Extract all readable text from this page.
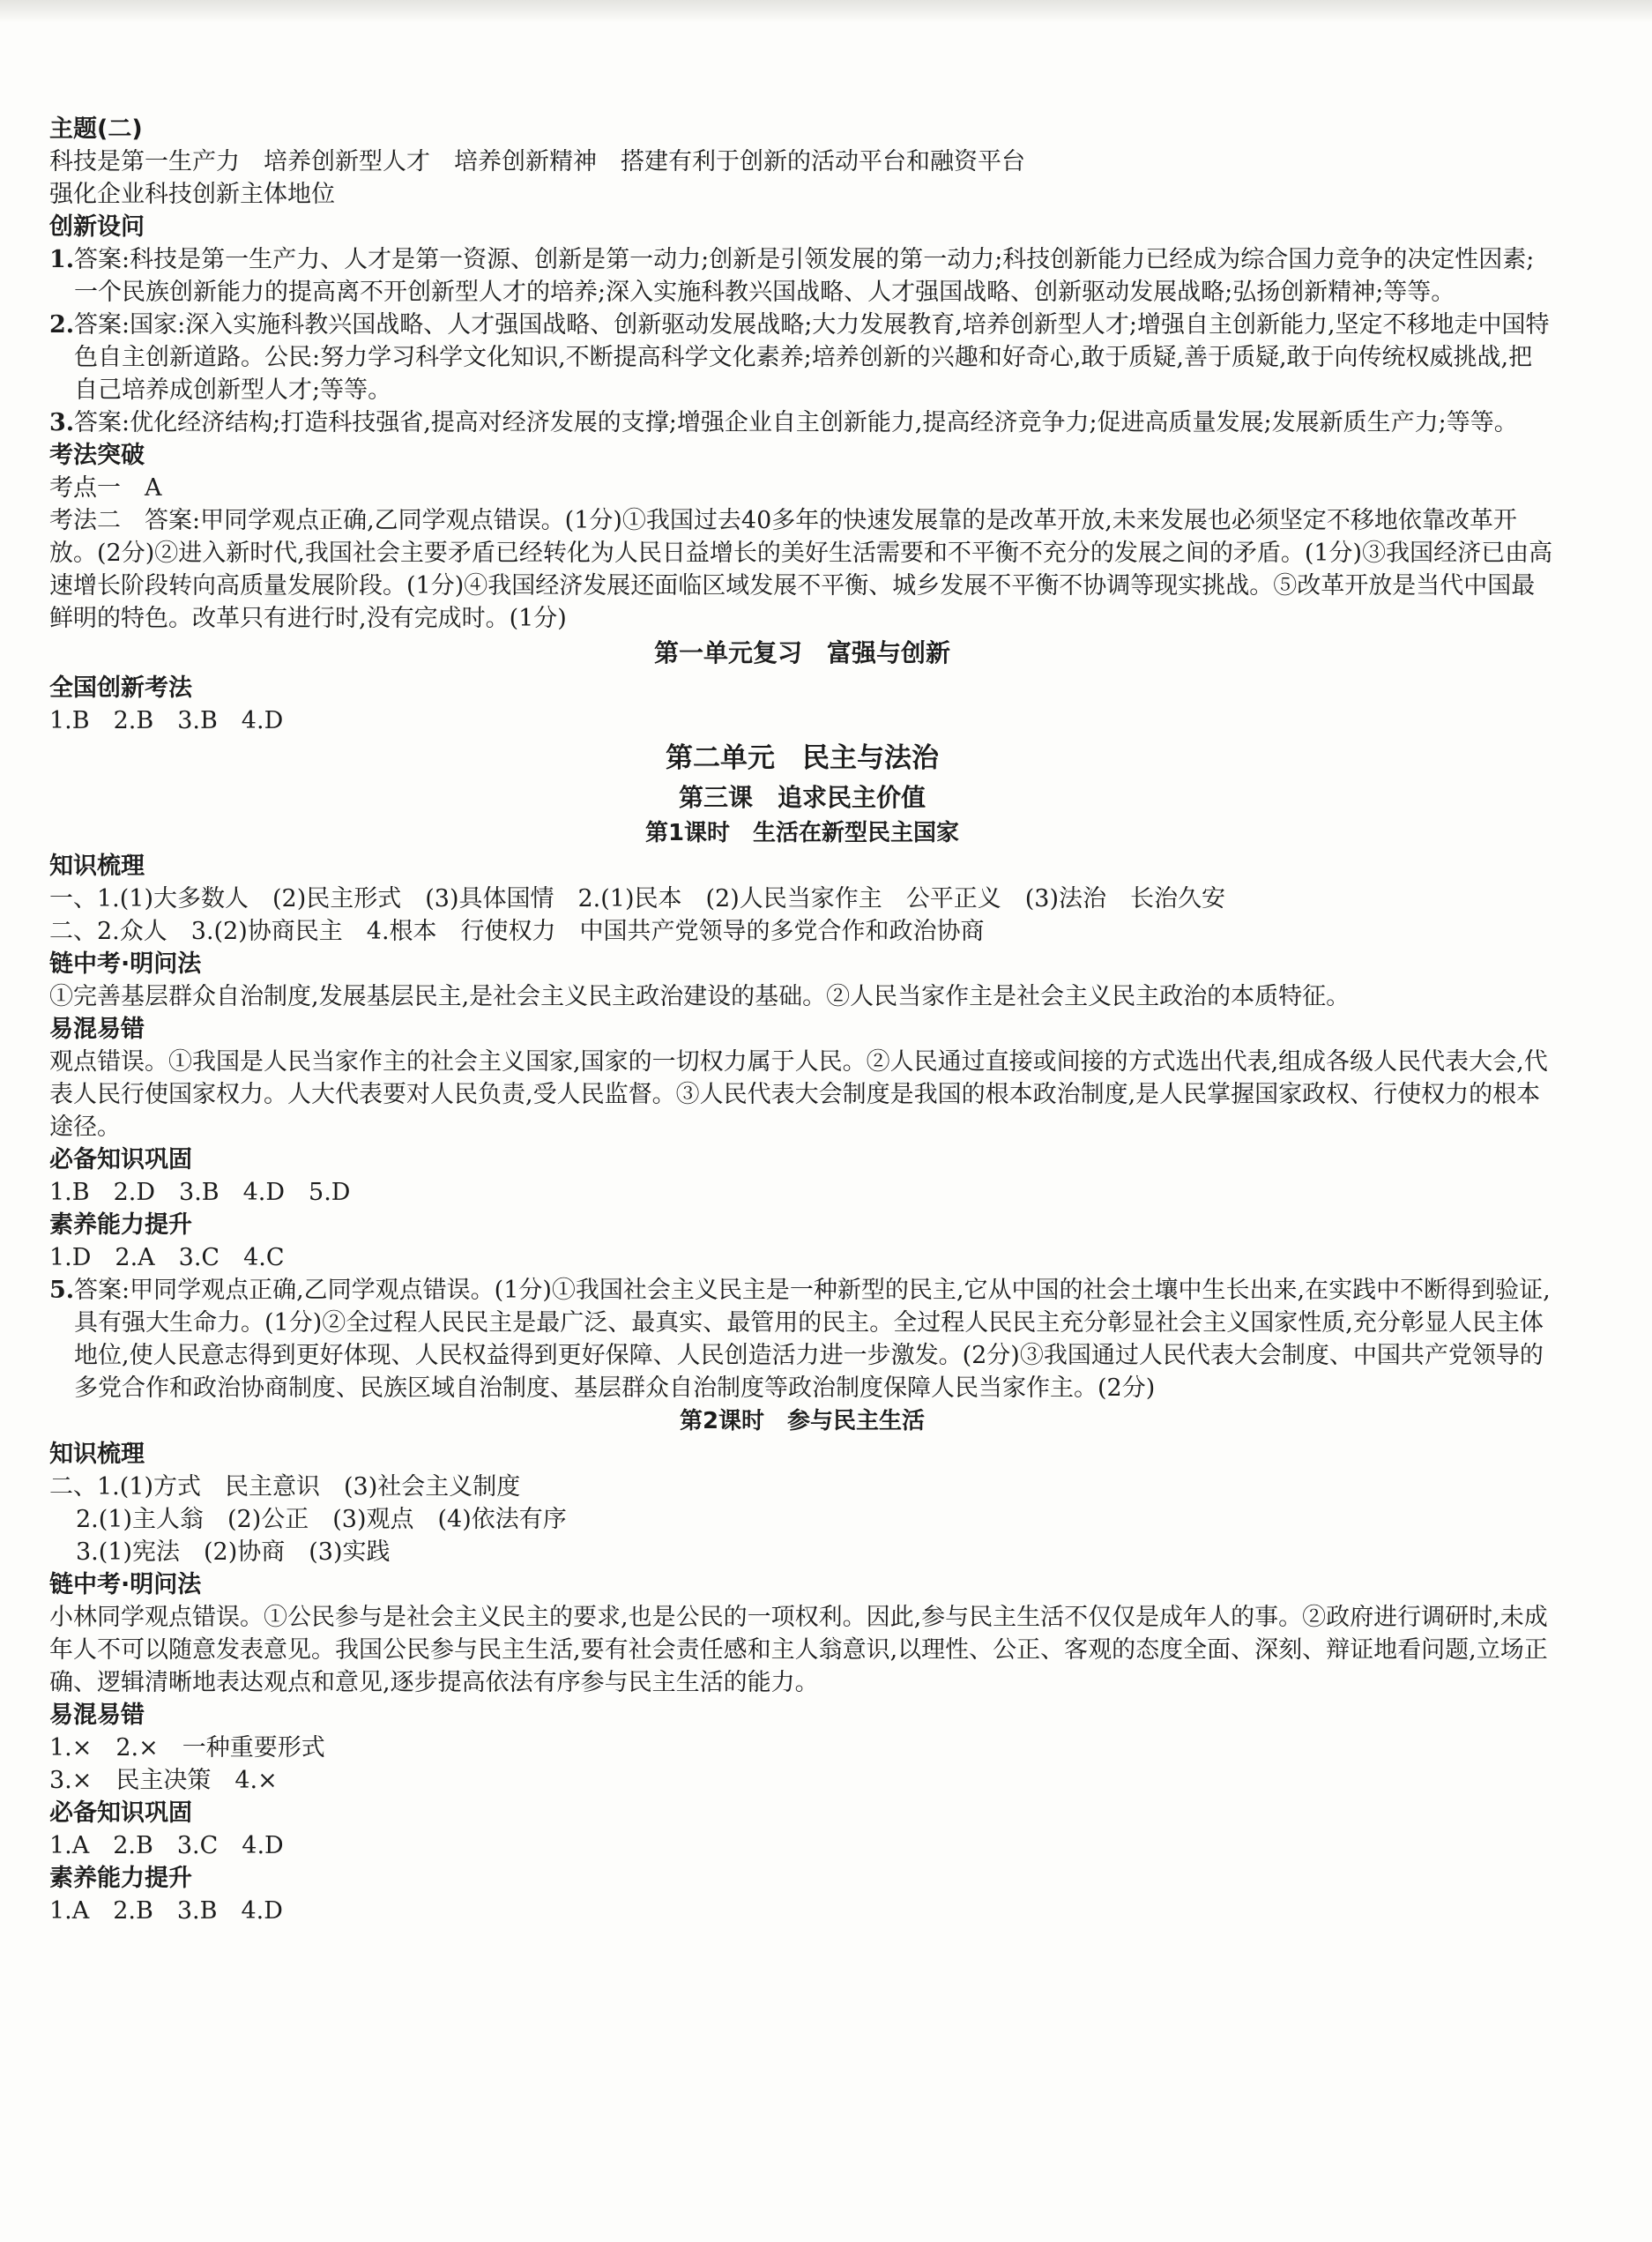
主题(二)
科技是第一生产力　培养创新型人才　培养创新精神　搭建有利于创新的活动平台和融资平台
强化企业科技创新主体地位
创新设问
1. 答案:科技是第一生产力、人才是第一资源、创新是第一动力;创新是引领发展的第一动力;科技创新能力已经成为综合国力竞争的决定性因素;一个民族创新能力的提高离不开创新型人才的培养;深入实施科教兴国战略、人才强国战略、创新驱动发展战略;弘扬创新精神;等等。
2. 答案:国家:深入实施科教兴国战略、人才强国战略、创新驱动发展战略;大力发展教育,培养创新型人才;增强自主创新能力,坚定不移地走中国特色自主创新道路。公民:努力学习科学文化知识,不断提高科学文化素养;培养创新的兴趣和好奇心,敢于质疑,善于质疑,敢于向传统权威挑战,把自己培养成创新型人才;等等。
3. 答案:优化经济结构;打造科技强省,提高对经济发展的支撑;增强企业自主创新能力,提高经济竞争力;促进高质量发展;发展新质生产力;等等。
考法突破
考点一　A
考法二　答案:甲同学观点正确,乙同学观点错误。(1分)①我国过去40多年的快速发展靠的是改革开放,未来发展也必须坚定不移地依靠改革开放。(2分)②进入新时代,我国社会主要矛盾已经转化为人民日益增长的美好生活需要和不平衡不充分的发展之间的矛盾。(1分)③我国经济已由高速增长阶段转向高质量发展阶段。(1分)④我国经济发展还面临区域发展不平衡、城乡发展不平衡不协调等现实挑战。⑤改革开放是当代中国最鲜明的特色。改革只有进行时,没有完成时。(1分)
第一单元复习　富强与创新
全国创新考法
1.B　2.B　3.B　4.D
第二单元　民主与法治
第三课　追求民主价值
第1课时　生活在新型民主国家
知识梳理
一、1.(1)大多数人　(2)民主形式　(3)具体国情　2.(1)民本　(2)人民当家作主　公平正义　(3)法治　长治久安
二、2.众人　3.(2)协商民主　4.根本　行使权力　中国共产党领导的多党合作和政治协商
链中考·明问法
①完善基层群众自治制度,发展基层民主,是社会主义民主政治建设的基础。②人民当家作主是社会主义民主政治的本质特征。
易混易错
观点错误。①我国是人民当家作主的社会主义国家,国家的一切权力属于人民。②人民通过直接或间接的方式选出代表,组成各级人民代表大会,代表人民行使国家权力。人大代表要对人民负责,受人民监督。③人民代表大会制度是我国的根本政治制度,是人民掌握国家政权、行使权力的根本途径。
必备知识巩固
1.B　2.D　3.B　4.D　5.D
素养能力提升
1.D　2.A　3.C　4.C
5. 答案:甲同学观点正确,乙同学观点错误。(1分)①我国社会主义民主是一种新型的民主,它从中国的社会土壤中生长出来,在实践中不断得到验证,具有强大生命力。(1分)②全过程人民民主是最广泛、最真实、最管用的民主。全过程人民民主充分彰显社会主义国家性质,充分彰显人民主体地位,使人民意志得到更好体现、人民权益得到更好保障、人民创造活力进一步激发。(2分)③我国通过人民代表大会制度、中国共产党领导的多党合作和政治协商制度、民族区域自治制度、基层群众自治制度等政治制度保障人民当家作主。(2分)
第2课时　参与民主生活
知识梳理
二、1.(1)方式　民主意识　(3)社会主义制度
2.(1)主人翁　(2)公正　(3)观点　(4)依法有序
3.(1)宪法　(2)协商　(3)实践
链中考·明问法
小林同学观点错误。①公民参与是社会主义民主的要求,也是公民的一项权利。因此,参与民主生活不仅仅是成年人的事。②政府进行调研时,未成年人不可以随意发表意见。我国公民参与民主生活,要有社会责任感和主人翁意识,以理性、公正、客观的态度全面、深刻、辩证地看问题,立场正确、逻辑清晰地表达观点和意见,逐步提高依法有序参与民主生活的能力。
易混易错
1.×　2.×　一种重要形式
3.×　民主决策　4.×
必备知识巩固
1.A　2.B　3.C　4.D
素养能力提升
1.A　2.B　3.B　4.D
